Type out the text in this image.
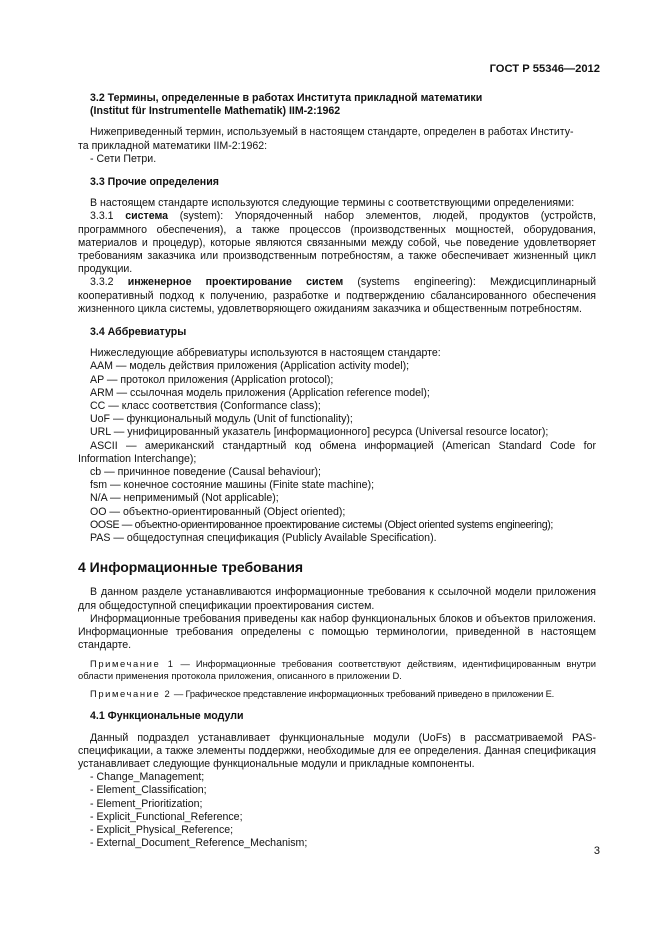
ГОСТ Р 55346—2012

3.2 Термины, определенные в работах Института прикладной математики

(Institut für Instrumentelle Mathematik) IIM-2:1962

Нижеприведенный термин, используемый в настоящем стандарте, определен в работах Институ-

та прикладной математики IIM-2:1962:

- Сети Петри.

3.3 Прочие определения

В настоящем стандарте используются следующие термины с соответствующими определениями:

3.3.1 система (system): Упорядоченный набор элементов, людей, продуктов (устройств, программного обеспечения), а также процессов (производственных мощностей, оборудования, материалов и процедур), которые являются связанными между собой, чье поведение удовлетворяет требованиям заказчика или производственным потребностям, а также обеспечивает жизненный цикл продукции.

3.3.2 инженерное проектирование систем (systems engineering): Междисциплинарный кооперативный подход к получению, разработке и подтверждению сбалансированного обеспечения жизненного цикла системы, удовлетворяющего ожиданиям заказчика и общественным потребностям.

3.4 Аббревиатуры

Нижеследующие аббревиатуры используются в настоящем стандарте:

AAM — модель действия приложения (Application activity model);

AP — протокол приложения (Application protocol);

ARM — ссылочная модель приложения (Application reference model);

CC — класс соответствия (Conformance class);

UoF — функциональный модуль (Unit of functionality);

URL — унифицированный указатель [информационного] ресурса (Universal resource locator);

ASCII — американский стандартный код обмена информацией (American Standard Code for Information Interchange);

cb — причинное поведение (Causal behaviour);

fsm — конечное состояние машины (Finite state machine);

N/A — неприменимый (Not applicable);

OO — объектно-ориентированный (Object oriented);

OOSE — объектно-ориентированное проектирование системы (Object oriented systems engineering);

PAS — общедоступная спецификация (Publicly Available Specification).

4 Информационные требования

В данном разделе устанавливаются информационные требования к ссылочной модели приложения для общедоступной спецификации проектирования систем.

Информационные требования приведены как набор функциональных блоков и объектов приложения. Информационные требования определены с помощью терминологии, приведенной в настоящем стандарте.

Примечание 1 — Информационные требования соответствуют действиям, идентифицированным внутри области применения протокола приложения, описанного в приложении D.

Примечание 2 — Графическое представление информационных требований приведено в приложении E.

4.1 Функциональные модули

Данный подраздел устанавливает функциональные модули (UoFs) в рассматриваемой PAS-спецификации, а также элементы поддержки, необходимые для ее определения. Данная спецификация устанавливает следующие функциональные модули и прикладные компоненты.

- Change_Management;
- Element_Classification;
- Element_Prioritization;
- Explicit_Functional_Reference;
- Explicit_Physical_Reference;
- External_Document_Reference_Mechanism;
3
